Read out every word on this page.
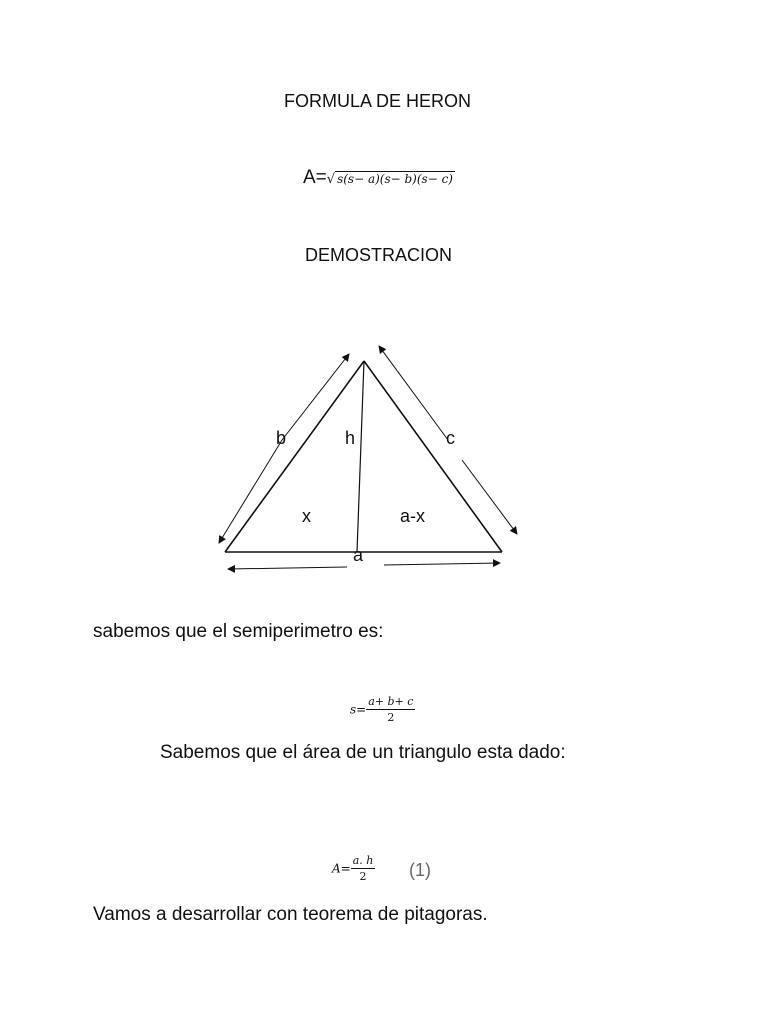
FORMULA DE HERON
A=√ s(s− a)(s− b)(s− c)
DEMOSTRACION
b	h	c
x	a-x
a
sabemos que el semiperimetro es:
$s= \frac{a+ b+ c}{2}$
Sabemos que el área de un triangulo esta dado:
$A= \frac{a. h}{2} (1)$
Vamos a desarrollar con teorema de pitagoras.
